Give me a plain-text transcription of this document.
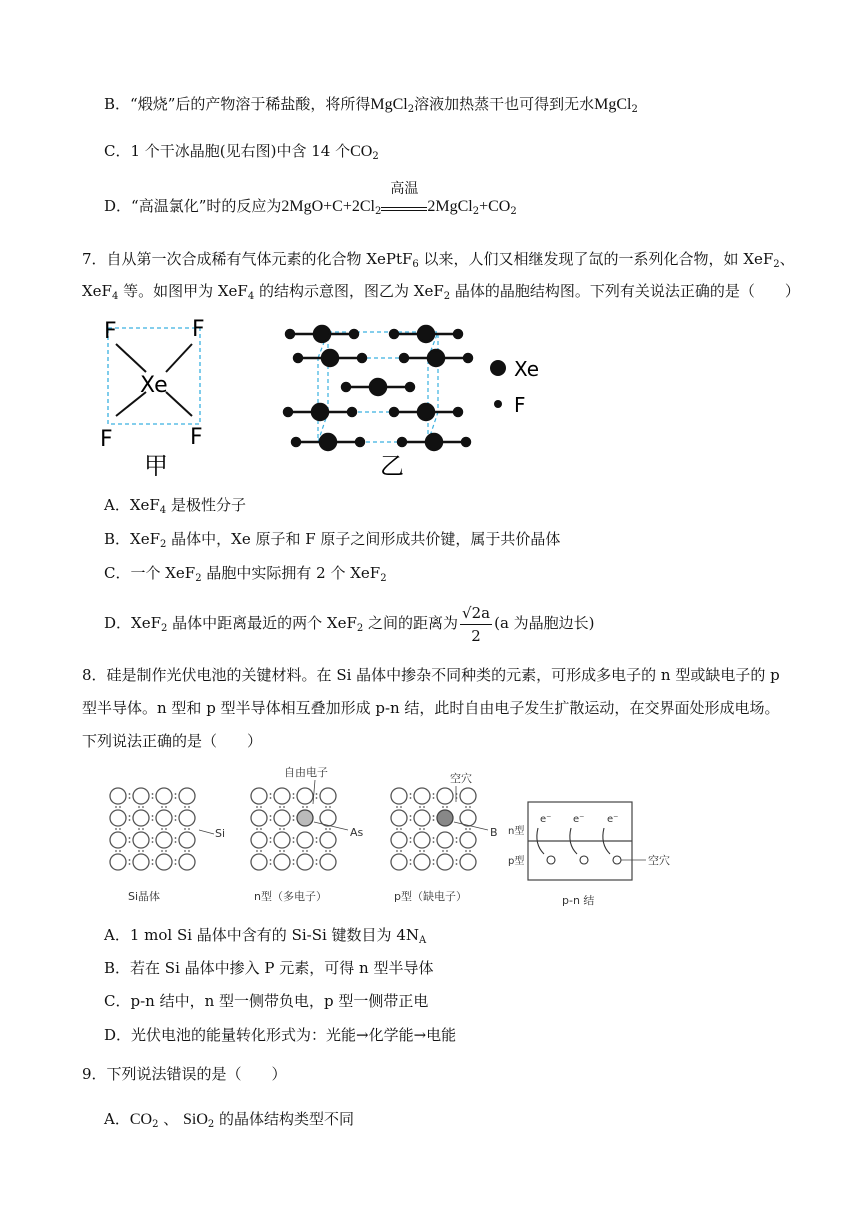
B．“煅烧”后的产物溶于稀盐酸，将所得MgCl$_2$溶液加热蒸干也可得到无水MgCl$_2$
C．1 个干冰晶胞(见右图)中含 14 个$CO_2$
D．“高温氯化”时的反应为$2MgO+C+2Cl_2$
高温
$2MgCl_2+CO_2$
7．自从第一次合成稀有气体元素的化合物 XePtF$_6$ 以来，人们又相继发现了氙的一系列化合物，如 XeF$_2$、
XeF$_4$ 等。如图甲为 XeF$_4$ 的结构示意图，图乙为 XeF$_2$ 晶体的晶胞结构图。下列有关说法正确的是（　　）
F	F
Xe
F	F
甲
Xe
F
乙
A．XeF$_4$ 是极性分子
B．XeF$_2$ 晶体中，Xe 原子和 F 原子之间形成共价键，属于共价晶体
C．一个 XeF$_2$ 晶胞中实际拥有 2 个 XeF$_2$
D．XeF$_2$ 晶体中距离最近的两个 XeF$_2$ 之间的距离为 $\frac{√2a}{2} (a$ 为晶胞边长)
8．硅是制作光伏电池的关键材料。在 Si 晶体中掺杂不同种类的元素，可形成多电子的 n 型或缺电子的 p
型半导体。n 型和 p 型半导体相互叠加形成 p-n 结，此时自由电子发生扩散运动，在交界面处形成电场。
下列说法正确的是（　　）
Si
Si晶体
自由电子
As
n型（多电子）
空穴
B
p型（缺电子）
n型
p型
e⁻ e⁻ e⁻
空穴
p-n 结
A．1 mol Si 晶体中含有的 Si-Si 键数目为 $4N_A$
B．若在 Si 晶体中掺入 P 元素，可得 n 型半导体
C．p-n 结中，n 型一侧带负电，p 型一侧带正电
D．光伏电池的能量转化形式为：光能→化学能→电能
9．下列说法错误的是（　　）
A．$CO_2$ 、 SiO$_2$ 的晶体结构类型不同
